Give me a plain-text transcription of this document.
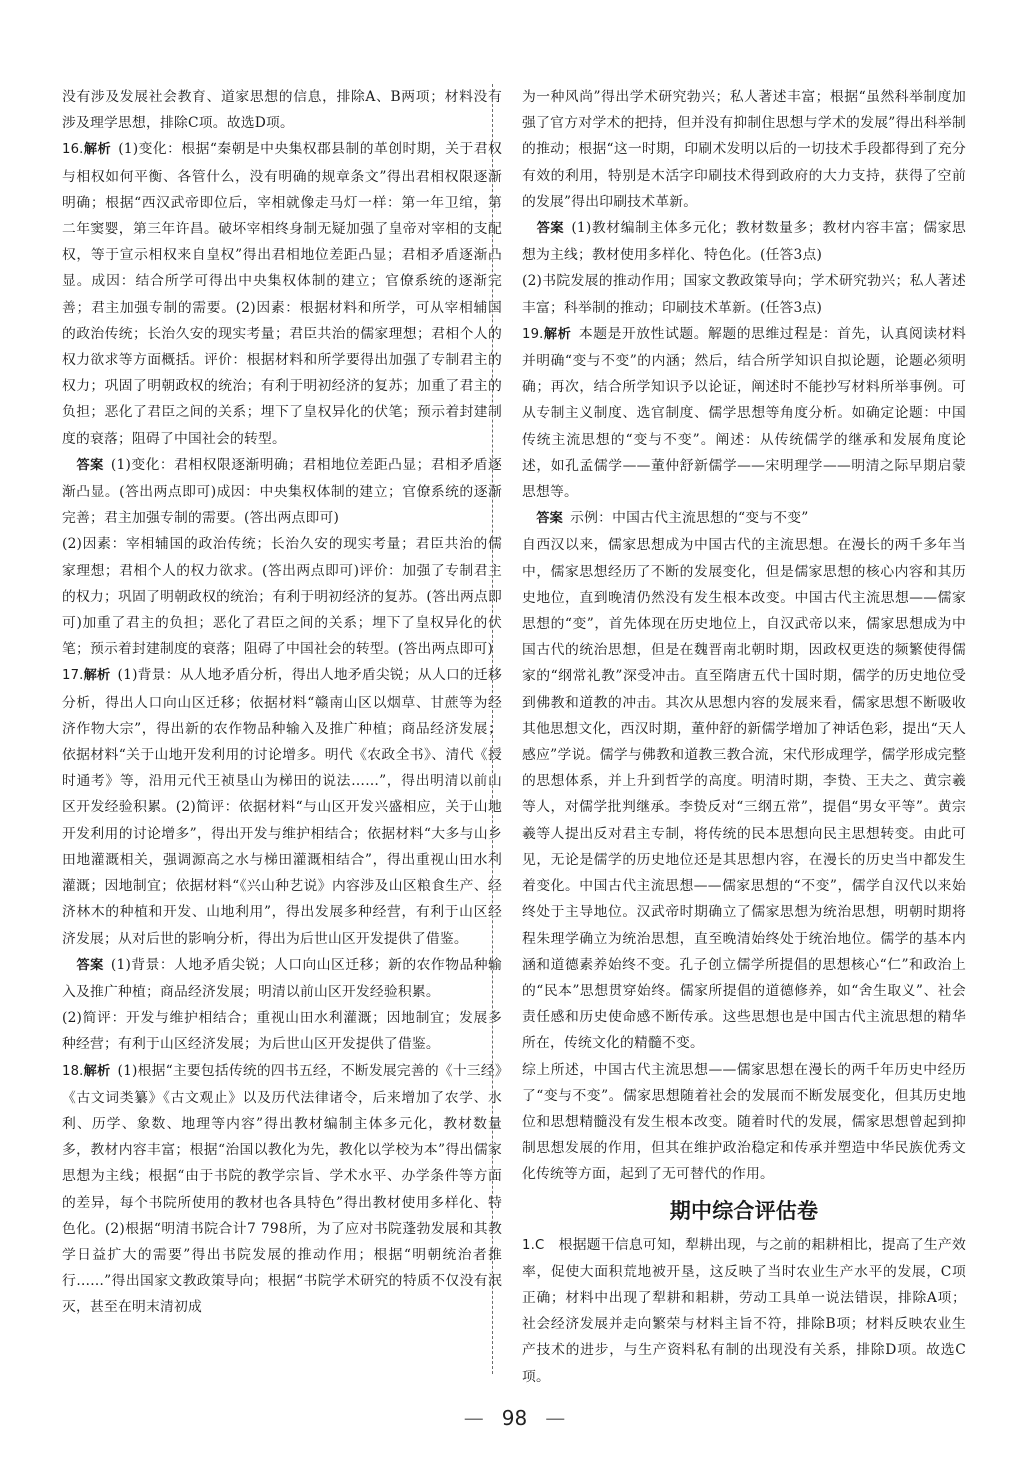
没有涉及发展社会教育、道家思想的信息，排除A、B两项；材料没有涉及理学思想，排除C项。故选D项。

16.解析  (1)变化：根据“秦朝是中央集权郡县制的革创时期，关于君权与相权如何平衡、各管什么，没有明确的规章条文”得出君相权限逐渐明确；根据“西汉武帝即位后，宰相就像走马灯一样：第一年卫绾，第二年窦婴，第三年许昌。破坏宰相终身制无疑加强了皇帝对宰相的支配权，等于宣示相权来自皇权”得出君相地位差距凸显；君相矛盾逐渐凸显。成因：结合所学可得出中央集权体制的建立；官僚系统的逐渐完善；君主加强专制的需要。(2)因素：根据材料和所学，可从宰相辅国的政治传统；长治久安的现实考量；君臣共治的儒家理想；君相个人的权力欲求等方面概括。评价：根据材料和所学要得出加强了专制君主的权力；巩固了明朝政权的统治；有利于明初经济的复苏；加重了君主的负担；恶化了君臣之间的关系；埋下了皇权异化的伏笔；预示着封建制度的衰落；阻碍了中国社会的转型。

  答案  (1)变化：君相权限逐渐明确；君相地位差距凸显；君相矛盾逐渐凸显。(答出两点即可)成因：中央集权体制的建立；官僚系统的逐渐完善；君主加强专制的需要。(答出两点即可)

(2)因素：宰相辅国的政治传统；长治久安的现实考量；君臣共治的儒家理想；君相个人的权力欲求。(答出两点即可)评价：加强了专制君主的权力；巩固了明朝政权的统治；有利于明初经济的复苏。(答出两点即可)加重了君主的负担；恶化了君臣之间的关系；埋下了皇权异化的伏笔；预示着封建制度的衰落；阻碍了中国社会的转型。(答出两点即可)

17.解析  (1)背景：从人地矛盾分析，得出人地矛盾尖锐；从人口的迁移分析，得出人口向山区迁移；依据材料“赣南山区以烟草、甘蔗等为经济作物大宗”，得出新的农作物品种输入及推广种植；商品经济发展；依据材料“关于山地开发利用的讨论增多。明代《农政全书》、清代《授时通考》等，沿用元代王祯垦山为梯田的说法……”，得出明清以前山区开发经验积累。(2)简评：依据材料“与山区开发兴盛相应，关于山地开发利用的讨论增多”，得出开发与维护相结合；依据材料“大多与山乡田地灌溉相关，强调源高之水与梯田灌溉相结合”，得出重视山田水利灌溉；因地制宜；依据材料“《兴山种艺说》内容涉及山区粮食生产、经济林木的种植和开发、山地利用”，得出发展多种经营，有利于山区经济发展；从对后世的影响分析，得出为后世山区开发提供了借鉴。

  答案  (1)背景：人地矛盾尖锐；人口向山区迁移；新的农作物品种输入及推广种植；商品经济发展；明清以前山区开发经验积累。

(2)简评：开发与维护相结合；重视山田水利灌溉；因地制宜；发展多种经营；有利于山区经济发展；为后世山区开发提供了借鉴。

18.解析  (1)根据“主要包括传统的四书五经，不断发展完善的《十三经》《古文词类纂》《古文观止》以及历代法律诸令，后来增加了农学、水利、历学、象数、地理等内容”得出教材编制主体多元化，教材数量多，教材内容丰富；根据“治国以教化为先，教化以学校为本”得出儒家思想为主线；根据“由于书院的教学宗旨、学术水平、办学条件等方面的差异，每个书院所使用的教材也各具特色”得出教材使用多样化、特色化。(2)根据“明清书院合计7 798所，为了应对书院蓬勃发展和其教学日益扩大的需要”得出书院发展的推动作用；根据“明朝统治者推行……”得出国家文教政策导向；根据“书院学术研究的特质不仅没有泯灭，甚至在明末清初成

为一种风尚”得出学术研究勃兴；私人著述丰富；根据“虽然科举制度加强了官方对学术的把持，但并没有抑制住思想与学术的发展”得出科举制的推动；根据“这一时期，印刷术发明以后的一切技术手段都得到了充分有效的利用，特别是木活字印刷技术得到政府的大力支持，获得了空前的发展”得出印刷技术革新。

  答案  (1)教材编制主体多元化；教材数量多；教材内容丰富；儒家思想为主线；教材使用多样化、特色化。(任答3点)

(2)书院发展的推动作用；国家文教政策导向；学术研究勃兴；私人著述丰富；科举制的推动；印刷技术革新。(任答3点)

19.解析  本题是开放性试题。解题的思维过程是：首先，认真阅读材料并明确“变与不变”的内涵；然后，结合所学知识自拟论题，论题必须明确；再次，结合所学知识予以论证，阐述时不能抄写材料所举事例。可从专制主义制度、选官制度、儒学思想等角度分析。如确定论题：中国传统主流思想的“变与不变”。阐述：从传统儒学的继承和发展角度论述，如孔孟儒学——董仲舒新儒学——宋明理学——明清之际早期启蒙思想等。

  答案  示例：中国古代主流思想的“变与不变”

自西汉以来，儒家思想成为中国古代的主流思想。在漫长的两千多年当中，儒家思想经历了不断的发展变化，但是儒家思想的核心内容和其历史地位，直到晚清仍然没有发生根本改变。中国古代主流思想——儒家思想的“变”，首先体现在历史地位上，自汉武帝以来，儒家思想成为中国古代的统治思想，但是在魏晋南北朝时期，因政权更迭的频繁使得儒家的“纲常礼教”深受冲击。直至隋唐五代十国时期，儒学的历史地位受到佛教和道教的冲击。其次从思想内容的发展来看，儒家思想不断吸收其他思想文化，西汉时期，董仲舒的新儒学增加了神话色彩，提出“天人感应”学说。儒学与佛教和道教三教合流，宋代形成理学，儒学形成完整的思想体系，并上升到哲学的高度。明清时期，李贽、王夫之、黄宗羲等人，对儒学批判继承。李贽反对“三纲五常”，提倡“男女平等”。黄宗羲等人提出反对君主专制，将传统的民本思想向民主思想转变。由此可见，无论是儒学的历史地位还是其思想内容，在漫长的历史当中都发生着变化。中国古代主流思想——儒家思想的“不变”，儒学自汉代以来始终处于主导地位。汉武帝时期确立了儒家思想为统治思想，明朝时期将程朱理学确立为统治思想，直至晚清始终处于统治地位。儒学的基本内涵和道德素养始终不变。孔子创立儒学所提倡的思想核心“仁”和政治上的“民本”思想贯穿始终。儒家所提倡的道德修养，如“舍生取义”、社会责任感和历史使命感不断传承。这些思想也是中国古代主流思想的精华所在，传统文化的精髓不变。

综上所述，中国古代主流思想——儒家思想在漫长的两千年历史中经历了“变与不变”。儒家思想随着社会的发展而不断发展变化，但其历史地位和思想精髓没有发生根本改变。随着时代的发展，儒家思想曾起到抑制思想发展的作用，但其在维护政治稳定和传承并塑造中华民族优秀文化传统等方面，起到了无可替代的作用。

期中综合评估卷

1.C   根据题干信息可知，犁耕出现，与之前的耜耕相比，提高了生产效率，促使大面积荒地被开垦，这反映了当时农业生产水平的发展，C项正确；材料中出现了犁耕和耜耕，劳动工具单一说法错误，排除A项；社会经济发展并走向繁荣与材料主旨不符，排除B项；材料反映农业生产技术的进步，与生产资料私有制的出现没有关系，排除D项。故选C项。

— 98 —
